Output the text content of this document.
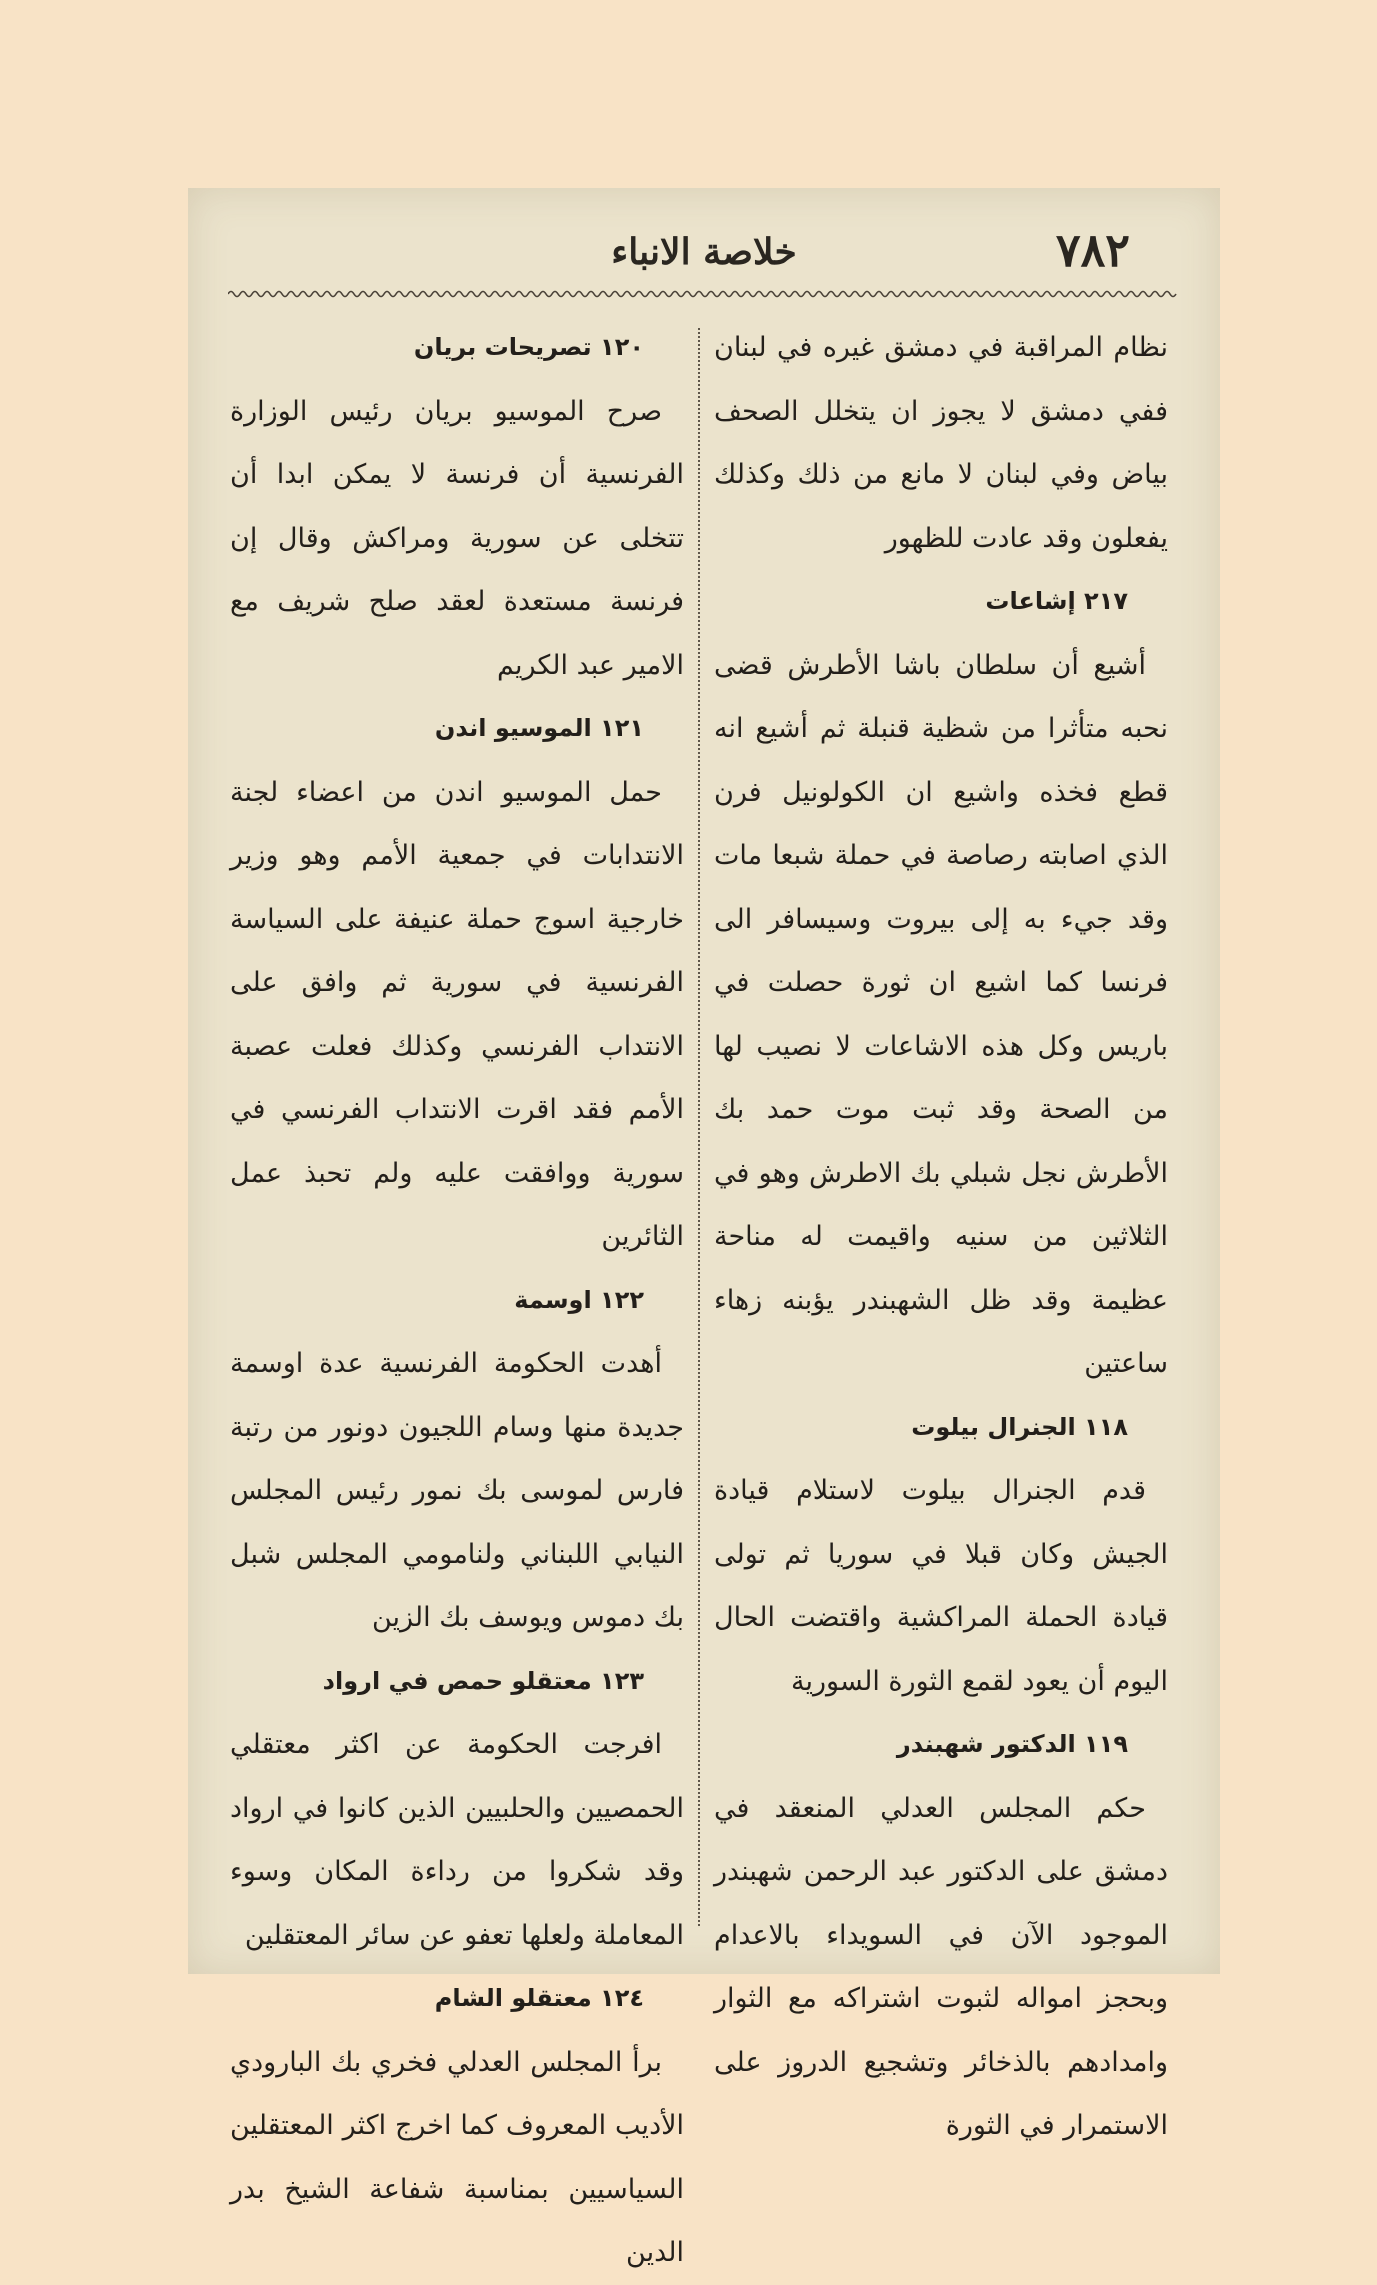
٧٨٢
خلاصة الانباء

نظام المراقبة في دمشق غيره في لبنان ففي دمشق لا يجوز ان يتخلل الصحف بياض وفي لبنان لا مانع من ذلك وكذلك يفعلون وقد عادت للظهور

٢١٧ إشاعات

أشيع أن سلطان باشا الأطرش قضى نحبه متأثرا من شظية قنبلة ثم أشيع انه قطع فخذه واشيع ان الكولونيل فرن الذي اصابته رصاصة في حملة شبعا مات وقد جيء به إلى بيروت وسيسافر الى فرنسا كما اشيع ان ثورة حصلت في باريس وكل هذه الاشاعات لا نصيب لها من الصحة وقد ثبت موت حمد بك الأطرش نجل شبلي بك الاطرش وهو في الثلاثين من سنيه واقيمت له مناحة عظيمة وقد ظل الشهبندر يؤبنه زهاء ساعتين

١١٨ الجنرال بيلوت

قدم الجنرال بيلوت لاستلام قيادة الجيش وكان قبلا في سوريا ثم تولى قيادة الحملة المراكشية واقتضت الحال اليوم أن يعود لقمع الثورة السورية

١١٩ الدكتور شهبندر

حكم المجلس العدلي المنعقد في دمشق على الدكتور عبد الرحمن شهبندر الموجود الآن في السويداء بالاعدام وبحجز امواله لثبوت اشتراكه مع الثوار وامدادهم بالذخائر وتشجيع الدروز على الاستمرار في الثورة

١٢٠ تصريحات بريان

صرح الموسيو بريان رئيس الوزارة الفرنسية أن فرنسة لا يمكن ابدا أن تتخلى عن سورية ومراكش وقال إن فرنسة مستعدة لعقد صلح شريف مع الامير عبد الكريم

١٢١ الموسيو اندن

حمل الموسيو اندن من اعضاء لجنة الانتدابات في جمعية الأمم وهو وزير خارجية اسوج حملة عنيفة على السياسة الفرنسية في سورية ثم وافق على الانتداب الفرنسي وكذلك فعلت عصبة الأمم فقد اقرت الانتداب الفرنسي في سورية ووافقت عليه ولم تحبذ عمل الثائرين

١٢٢ اوسمة

أهدت الحكومة الفرنسية عدة اوسمة جديدة منها وسام اللجيون دونور من رتبة فارس لموسى بك نمور رئيس المجلس النيابي اللبناني ولنامومي المجلس شبل بك دموس ويوسف بك الزين

١٢٣ معتقلو حمص في ارواد

افرجت الحكومة عن اكثر معتقلي الحمصيين والحلبيين الذين كانوا في ارواد وقد شكروا من رداءة المكان وسوء المعاملة ولعلها تعفو عن سائر المعتقلين

١٢٤ معتقلو الشام

برأ المجلس العدلي فخري بك البارودي الأديب المعروف كما اخرج اكثر المعتقلين السياسيين بمناسبة شفاعة الشيخ بدر الدين
